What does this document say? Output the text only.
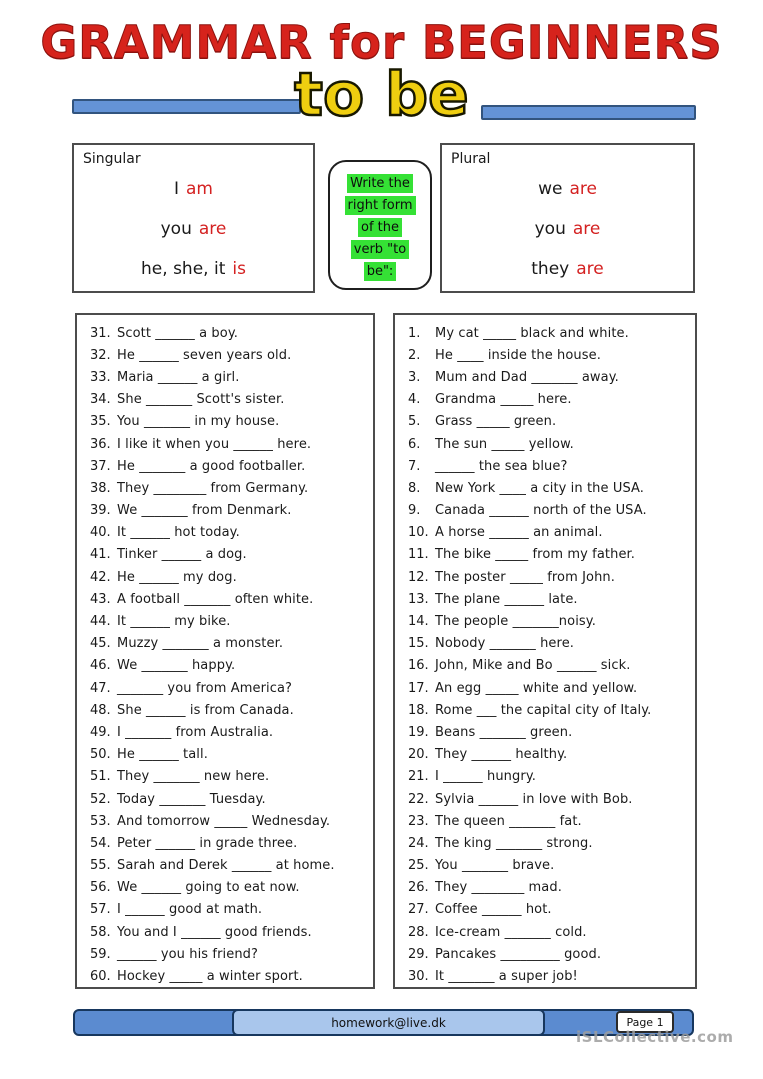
GRAMMAR for BEGINNERS
to be
Singular
I am
you are
he, she, it is
Write the
right form
of the
verb "to
be":
Plural
we are
you are
they are
31. Scott ______ a boy.
32. He ______ seven years old.
33. Maria ______ a girl.
34. She _______ Scott's sister.
35. You _______ in my house.
36. I like it when you ______ here.
37. He _______ a good footballer.
38. They ________ from Germany.
39. We _______ from Denmark.
40. It ______ hot today.
41. Tinker ______ a dog.
42. He ______ my dog.
43. A football _______ often white.
44. It ______ my bike.
45. Muzzy _______ a monster.
46. We _______ happy.
47. _______ you from America?
48. She ______ is from Canada.
49. I _______ from Australia.
50. He ______ tall.
51. They _______ new here.
52. Today _______ Tuesday.
53. And tomorrow _____ Wednesday.
54. Peter ______ in grade three.
55. Sarah and Derek ______ at home.
56. We ______ going to eat now.
57. I ______ good at math.
58. You and I ______ good friends.
59. ______ you his friend?
60. Hockey _____ a winter sport.
1.	My cat _____ black and white.
2.	He ____ inside the house.
3.	Mum and Dad _______ away.
4.	Grandma _____ here.
5.	Grass _____ green.
6.	The sun _____ yellow.
7.	______ the sea blue?
8.	New York ____ a city in the USA.
9.	Canada ______ north of the USA.
10. A horse ______ an animal.
11. The bike _____ from my father.
12. The poster _____ from John.
13. The plane ______ late.
14. The people _______noisy.
15. Nobody _______ here.
16. John, Mike and Bo ______ sick.
17. An egg _____ white and yellow.
18. Rome ___ the capital city of Italy.
19. Beans _______ green.
20. They ______ healthy.
21. I ______ hungry.
22. Sylvia ______ in love with Bob.
23. The queen _______ fat.
24. The king _______ strong.
25. You _______ brave.
26. They ________ mad.
27. Coffee ______ hot.
28. Ice-cream _______ cold.
29. Pancakes _________ good.
30. It _______ a super job!
homework@live.dk	Page 1
iSLCollective.com
